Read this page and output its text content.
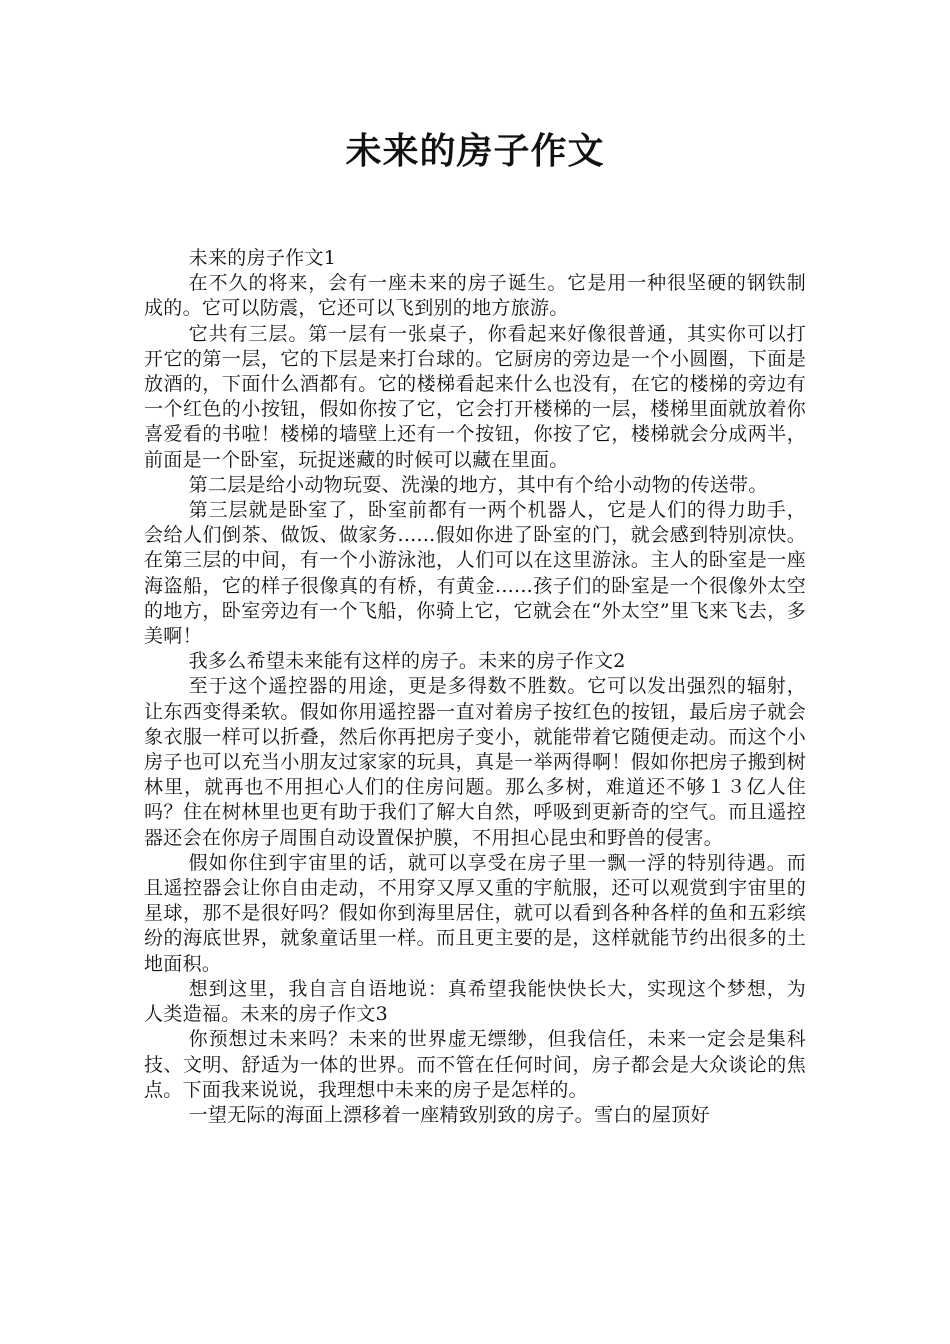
未来的房子作文

未来的房子作文1

在不久的将来，会有一座未来的房子诞生。它是用一种很坚硬的钢铁制成的。它可以防震，它还可以飞到别的地方旅游。

它共有三层。第一层有一张桌子，你看起来好像很普通，其实你可以打开它的第一层，它的下层是来打台球的。它厨房的旁边是一个小圆圈，下面是放酒的，下面什么酒都有。它的楼梯看起来什么也没有，在它的楼梯的旁边有一个红色的小按钮，假如你按了它，它会打开楼梯的一层，楼梯里面就放着你喜爱看的书啦！楼梯的墙壁上还有一个按钮，你按了它，楼梯就会分成两半，前面是一个卧室，玩捉迷藏的时候可以藏在里面。

第二层是给小动物玩耍、洗澡的地方，其中有个给小动物的传送带。

第三层就是卧室了，卧室前都有一两个机器人，它是人们的得力助手，会给人们倒茶、做饭、做家务......假如你进了卧室的门，就会感到特别凉快。在第三层的中间，有一个小游泳池，人们可以在这里游泳。主人的卧室是一座海盗船，它的样子很像真的有桥，有黄金......孩子们的卧室是一个很像外太空的地方，卧室旁边有一个飞船，你骑上它，它就会在“外太空”里飞来飞去，多美啊！

我多么希望未来能有这样的房子。未来的房子作文2

至于这个遥控器的用途，更是多得数不胜数。它可以发出强烈的辐射，让东西变得柔软。假如你用遥控器一直对着房子按红色的按钮，最后房子就会象衣服一样可以折叠，然后你再把房子变小，就能带着它随便走动。而这个小房子也可以充当小朋友过家家的玩具，真是一举两得啊！假如你把房子搬到树林里，就再也不用担心人们的住房问题。那么多树，难道还不够１３亿人住吗？住在树林里也更有助于我们了解大自然，呼吸到更新奇的空气。而且遥控器还会在你房子周围自动设置保护膜，不用担心昆虫和野兽的侵害。

假如你住到宇宙里的话，就可以享受在房子里一飘一浮的特别待遇。而且遥控器会让你自由走动，不用穿又厚又重的宇航服，还可以观赏到宇宙里的星球，那不是很好吗？假如你到海里居住，就可以看到各种各样的鱼和五彩缤纷的海底世界，就象童话里一样。而且更主要的是，这样就能节约出很多的土地面积。

想到这里，我自言自语地说：真希望我能快快长大，实现这个梦想，为人类造福。未来的房子作文3

你预想过未来吗？未来的世界虚无缥缈，但我信任，未来一定会是集科技、文明、舒适为一体的世界。而不管在任何时间，房子都会是大众谈论的焦点。下面我来说说，我理想中未来的房子是怎样的。

一望无际的海面上漂移着一座精致别致的房子。雪白的屋顶好
